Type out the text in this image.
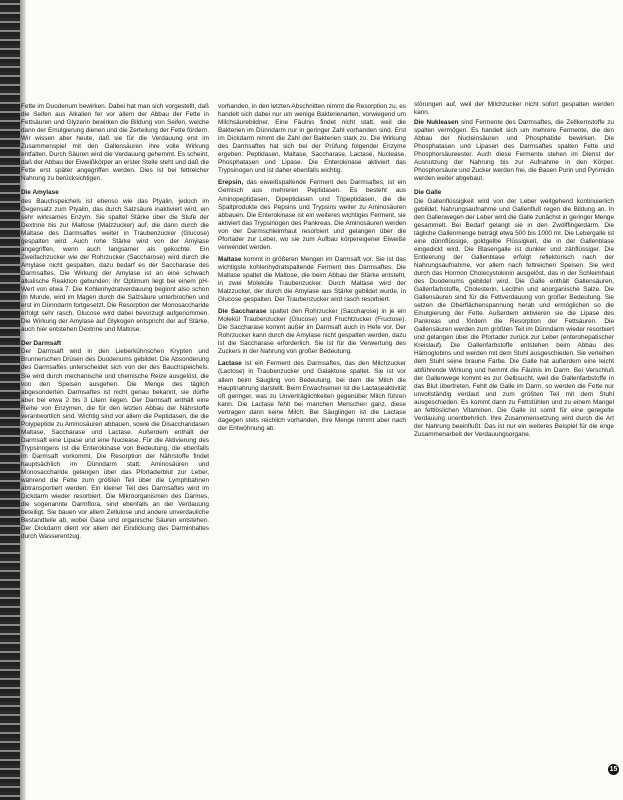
Fette im Duodenum bewirken. Dabei hat man sich vorgestellt, daß die Seifen aus Alkalien fer vor allem der Abbau der Fette in Fettsäuren und Glyzerin bewirken die Bildung von Seifen, welche dann der Emulgierung dienen und die Zerteilung der Fette fördern. Wir wissen aber heute, daß sie für die Verdauung erst im Zusammenspiel mit den Gallensäuren ihre volle Wirkung entfalten. Durch Säuren wird die Verdauung gehemmt. Es scheint, daß der Abbau der Eiweißkörper an erster Stelle steht und daß die Fette erst später angegriffen werden. Dies ist bei fettreicher Nahrung zu berücksichtigen.

Die Amylase

des Bauchspeichels ist ebenso wie das Ptyalin, jedoch im Gegensatz zum Ptyalin, das durch Salzsäure inaktiviert wird, ein sehr wirksames Enzym. Sie spaltet Stärke über die Stufe der Dextrine bis zur Maltose (Malzzucker) auf, die dann durch die Maltase des Darmsaftes weiter in Traubenzucker (Glucose) gespalten wird. Auch rohe Stärke wird von der Amylase angegriffen, wenn auch langsamer als gekochte. Ein Zweifachzucker wie der Rohrzucker (Saccharose) wird durch die Amylase nicht gespalten, dazu bedarf es der Saccharase des Darmsaftes. Die Wirkung der Amylase ist an eine schwach alkalische Reaktion gebunden; ihr Optimum liegt bei einem pH-Wert von etwa 7. Die Kohlenhydratverdauung beginnt also schon im Munde, wird im Magen durch die Salzsäure unterbrochen und erst im Dünndarm fortgesetzt. Die Resorption der Monosaccharide erfolgt sehr rasch, Glucose wird dabei bevorzugt aufgenommen. Die Wirkung der Amylase auf Glykogen entspricht der auf Stärke, auch hier entstehen Dextrine und Maltose.

Der Darmsaft

Der Darmsaft wird in den Lieberkühnschen Krypten und Brunnerschen Drüsen des Duodenums gebildet. Die Absonderung des Darmsaftes unterscheidet sich von der des Bauchspeichels. Sie wird durch mechanische und chemische Reize ausgelöst, die von den Speisen ausgehen. Die Menge des täglich abgesonderten Darmsaftes ist nicht genau bekannt, sie dürfte aber bei etwa 2 bis 3 Litern liegen. Der Darmsaft enthält eine Reihe von Enzymen, die für den letzten Abbau der Nährstoffe verantwortlich sind. Wichtig sind vor allem die Peptidasen, die die Polypeptide zu Aminosäuren abbauen, sowie die Disaccharidasen Maltase, Saccharase und Lactase. Außerdem enthält der Darmsaft eine Lipase und eine Nuclease. Für die Aktivierung des Trypsinogens ist die Enterokinase von Bedeutung, die ebenfalls im Darmsaft vorkommt. Die Resorption der Nährstoffe findet hauptsächlich im Dünndarm statt. Aminosäuren und Monosaccharide gelangen über das Pfortaderblut zur Leber, während die Fette zum größten Teil über die Lymphbahnen abtransportiert werden. Ein kleiner Teil des Darmsaftes wird im Dickdarm wieder resorbiert. Die Mikroorganismen des Darmes, die sogenannte Darmflora, sind ebenfalls an der Verdauung beteiligt. Sie bauen vor allem Zellulose und andere unverdauliche Bestandteile ab, wobei Gase und organische Säuren entstehen. Der Dickdarm dient vor allem der Eindickung des Darminhaltes durch Wasserentzug.

vorhanden, in den letzten Abschnitten nimmt die Resorption zu, es handelt sich dabei nur um wenige Bakterienarten, vorwiegend um Milchsäurebildner. Eine Fäulnis findet nicht statt, weil die Bakterien im Dünndarm nur in geringer Zahl vorhanden sind. Erst im Dickdarm nimmt die Zahl der Bakterien stark zu. Die Wirkung des Darmsaftes hat sich bei der Prüfung folgender Enzyme ergeben: Peptidasen, Maltase, Saccharase, Lactase, Nuclease, Phosphatasen und Lipase. Die Enterokinase aktiviert das Trypsinogen und ist daher ebenfalls wichtig.

Erepsin, das eiweißspaltende Ferment des Darmsaftes, ist ein Gemisch aus mehreren Peptidasen. Es besteht aus Aminopeptidasen, Dipeptidasen und Tripeptidasen, die die Spaltprodukte des Pepsins und Trypsins weiter zu Aminosäuren abbauen. Die Enterokinase ist ein weiteres wichtiges Ferment, sie aktiviert das Trypsinogen des Pankreas. Die Aminosäuren werden von der Darmschleimhaut resorbiert und gelangen über die Pfortader zur Leber, wo sie zum Aufbau körpereigener Eiweiße verwendet werden.

Maltase kommt in größeren Mengen im Darmsaft vor. Sie ist das wichtigste kohlenhydratspaltende Ferment des Darmsaftes. Die Maltase spaltet die Maltose, die beim Abbau der Stärke entsteht, in zwei Moleküle Traubenzucker. Durch Maltase wird der Malzzucker, der durch die Amylase aus Stärke gebildet wurde, in Glucose gespalten. Der Traubenzucker wird rasch resorbiert.

Die Saccharase spaltet den Rohrzucker (Saccharose) in je ein Molekül Traubenzucker (Glucose) und Fruchtzucker (Fructose). Die Saccharase kommt außer im Darmsaft auch in Hefe vor. Der Rohrzucker kann durch die Amylase nicht gespalten werden, dazu ist die Saccharase erforderlich. Sie ist für die Verwertung des Zuckers in der Nahrung von großer Bedeutung.

Lactase ist ein Ferment des Darmsaftes, das den Milchzucker (Lactose) in Traubenzucker und Galaktose spaltet. Sie ist vor allem beim Säugling von Bedeutung, bei dem die Milch die Hauptnahrung darstellt. Beim Erwachsenen ist die Lactaseaktivität oft geringer, was zu Unverträglichkeiten gegenüber Milch führen kann. Die Lactase fehlt bei manchen Menschen ganz, diese vertragen dann keine Milch. Bei Säuglingen ist die Lactase dagegen stets reichlich vorhanden, ihre Menge nimmt aber nach der Entwöhnung ab.

störungen auf, weil der Milchzucker nicht sofort gespalten werden kann.

Die Nukleasen sind Fermente des Darmsaftes, die Zellkernstoffe zu spalten vermögen. Es handelt sich um mehrere Fermente, die den Abbau der Nucleinsäuren und Phosphatide bewirken. Die Phosphatasen und Lipasen des Darmsaftes spalten Fette und Phosphorsäureester. Auch diese Fermente stehen im Dienst der Ausnutzung der Nahrung bis zur Aufnahme in den Körper. Phosphorsäure und Zucker werden frei, die Basen Purin und Pyrimidin werden weiter abgebaut.

Die Galle

Die Gallenflüssigkeit wird von der Leber weitgehend kontinuierlich gebildet. Nahrungsaufnahme und Gallenfluß regen die Bildung an. In den Gallenwegen der Leber wird die Galle zunächst in geringer Menge gesammelt. Bei Bedarf gelangt sie in den Zwölffingerdarm. Die tägliche Gallenmenge beträgt etwa 500 bis 1000 ml. Die Lebergalle ist eine dünnflüssige, goldgelbe Flüssigkeit, die in der Gallenblase eingedickt wird. Die Blasengalle ist dunkler und zähflüssiger. Die Entleerung der Gallenblase erfolgt reflektorisch nach der Nahrungsaufnahme, vor allem nach fettreichen Speisen. Sie wird durch das Hormon Cholecystokinin ausgelöst, das in der Schleimhaut des Duodenums gebildet wird. Die Galle enthält Gallensäuren, Gallenfarbstoffe, Cholesterin, Lecithin und anorganische Salze. Die Gallensäuren sind für die Fettverdauung von großer Bedeutung. Sie setzen die Oberflächenspannung herab und ermöglichen so die Emulgierung der Fette. Außerdem aktivieren sie die Lipase des Pankreas und fördern die Resorption der Fettsäuren. Die Gallensäuren werden zum größten Teil im Dünndarm wieder resorbiert und gelangen über die Pfortader zurück zur Leber (enterohepatischer Kreislauf). Die Gallenfarbstoffe entstehen beim Abbau des Hämoglobins und werden mit dem Stuhl ausgeschieden. Sie verleihen dem Stuhl seine braune Farbe. Die Galle hat außerdem eine leicht abführende Wirkung und hemmt die Fäulnis im Darm. Bei Verschluß der Gallenwege kommt es zur Gelbsucht, weil die Gallenfarbstoffe in das Blut übertreten. Fehlt die Galle im Darm, so werden die Fette nur unvollständig verdaut und zum größten Teil mit dem Stuhl ausgeschieden. Es kommt dann zu Fettstühlen und zu einem Mangel an fettlöslichen Vitaminen. Die Galle ist somit für eine geregelte Verdauung unentbehrlich. Ihre Zusammensetzung wird durch die Art der Nahrung beeinflußt. Das ist nur ein weiteres Beispiel für die enge Zusammenarbeit der Verdauungsorgane.

15
